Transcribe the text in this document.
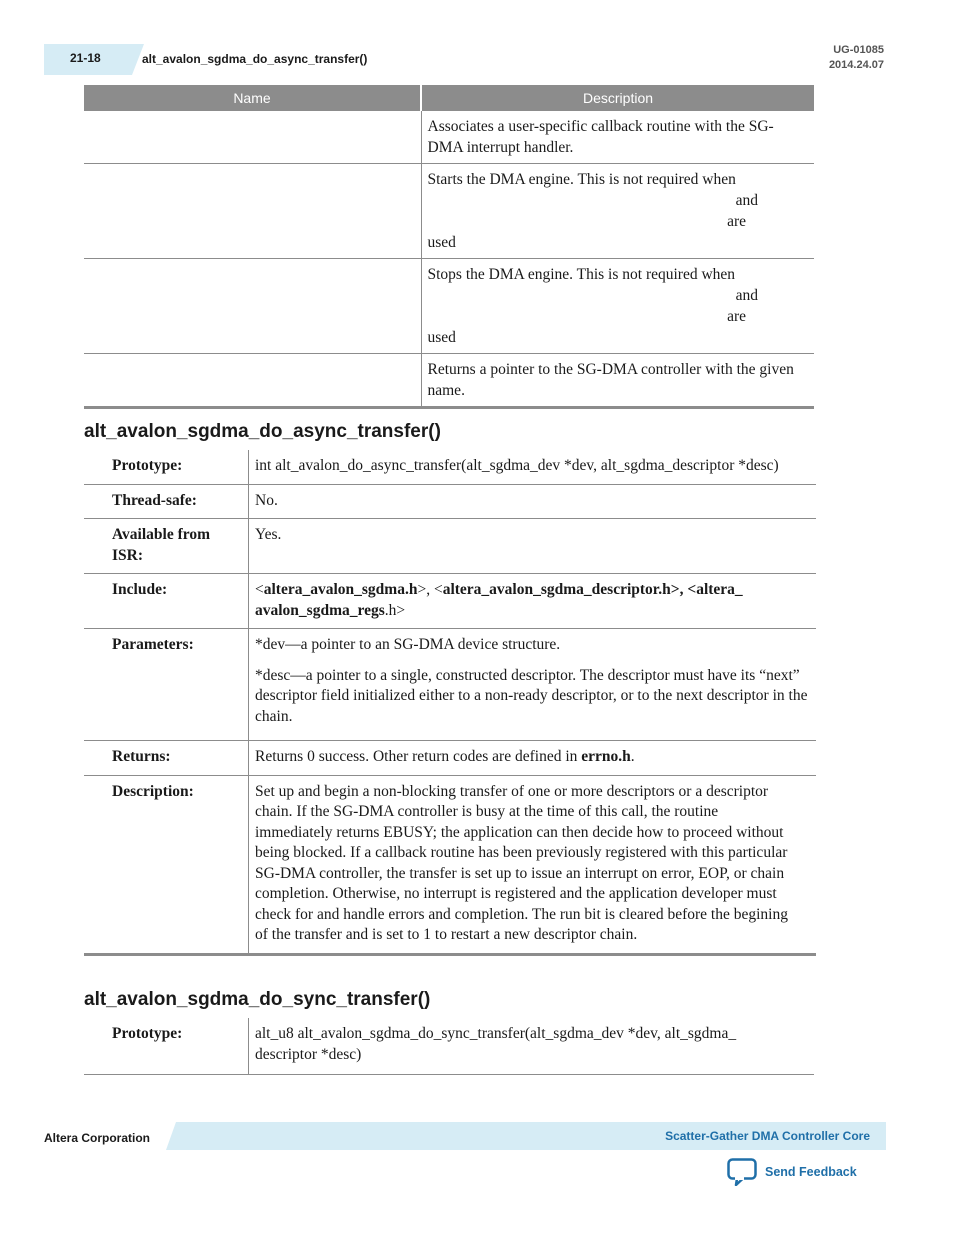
21-18	alt_avalon_sgdma_do_async_transfer()
UG-01085
2014.24.07
Name	Description
	Associates a user-specific callback routine with the SG-DMA interrupt handler.

	Starts the DMA engine. This is not required when
and
are
used

	Stops the DMA engine. This is not required when
and
are
used

	Returns a pointer to the SG-DMA controller with the given name.
alt_avalon_sgdma_do_async_transfer()
Prototype:	int alt_avalon_do_async_transfer(alt_sgdma_dev *dev, alt_sgdma_descriptor *desc)
Thread-safe:	No.
Available from ISR:	Yes.
Include:	<altera_avalon_sgdma.h>, <altera_avalon_sgdma_descriptor.h>, <altera_ avalon_sgdma_regs.h>
Parameters:	*dev—a pointer to an SG-DMA device structure.

*desc—a pointer to a single, constructed descriptor. The descriptor must have its “next” descriptor field initialized either to a non-ready descriptor, or to the next descriptor in the chain.

Returns:	Returns 0 success. Other return codes are defined in errno.h.
Description:	Set up and begin a non-blocking transfer of one or more descriptors or a descriptor chain. If the SG-DMA controller is busy at the time of this call, the routine immediately returns EBUSY; the application can then decide how to proceed without being blocked. If a callback routine has been previously registered with this particular SG-DMA controller, the transfer is set up to issue an interrupt on error, EOP, or chain completion. Otherwise, no interrupt is registered and the application developer must check for and handle errors and completion. The run bit is cleared before the begining of the transfer and is set to 1 to restart a new descriptor chain.
alt_avalon_sgdma_do_sync_transfer()
Prototype:	alt_u8 alt_avalon_sgdma_do_sync_transfer(alt_sgdma_dev *dev, alt_sgdma_ descriptor *desc)
Altera Corporation	Scatter-Gather DMA Controller Core
Send Feedback
